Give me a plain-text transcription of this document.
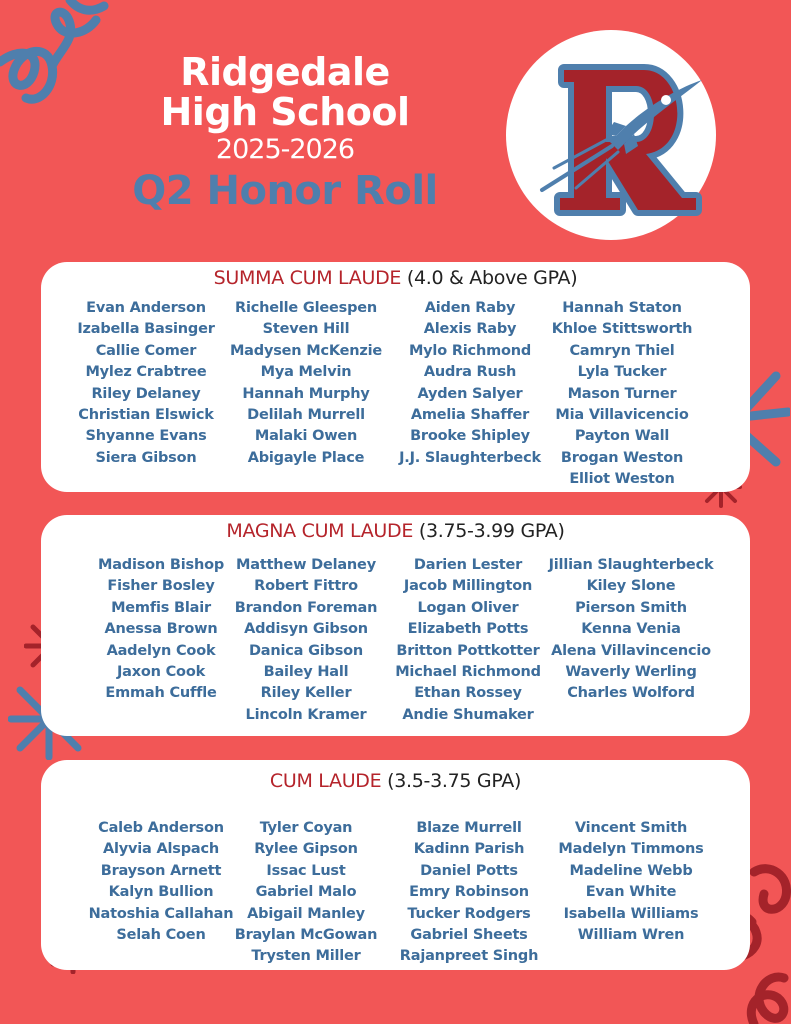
Ridgedale
High School
2025-2026
Q2 Honor Roll
SUMMA CUM LAUDE (4.0 & Above GPA)
Evan Anderson
Izabella Basinger
Callie Comer
Mylez Crabtree
Riley Delaney
Christian Elswick
Shyanne Evans
Siera Gibson
Richelle Gleespen
Steven Hill
Madysen McKenzie
Mya Melvin
Hannah Murphy
Delilah Murrell
Malaki Owen
Abigayle Place
Aiden Raby
Alexis Raby
Mylo Richmond
Audra Rush
Ayden Salyer
Amelia Shaffer
Brooke Shipley
J.J. Slaughterbeck
Hannah Staton
Khloe Stittsworth
Camryn Thiel
Lyla Tucker
Mason Turner
Mia Villavicencio
Payton Wall
Brogan Weston
Elliot Weston
MAGNA CUM LAUDE (3.75-3.99 GPA)
Madison Bishop
Fisher Bosley
Memfis Blair
Anessa Brown
Aadelyn Cook
Jaxon Cook
Emmah Cuffle
Matthew Delaney
Robert Fittro
Brandon Foreman
Addisyn Gibson
Danica Gibson
Bailey Hall
Riley Keller
Lincoln Kramer
Darien Lester
Jacob Millington
Logan Oliver
Elizabeth Potts
Britton Pottkotter
Michael Richmond
Ethan Rossey
Andie Shumaker
Jillian Slaughterbeck
Kiley Slone
Pierson Smith
Kenna Venia
Alena Villavincencio
Waverly Werling
Charles Wolford
CUM LAUDE (3.5-3.75 GPA)
Caleb Anderson
Alyvia Alspach
Brayson Arnett
Kalyn Bullion
Natoshia Callahan
Selah Coen
Tyler Coyan
Rylee Gipson
Issac Lust
Gabriel Malo
Abigail Manley
Braylan McGowan
Trysten Miller
Blaze Murrell
Kadinn Parish
Daniel Potts
Emry Robinson
Tucker Rodgers
Gabriel Sheets
Rajanpreet Singh
Vincent Smith
Madelyn Timmons
Madeline Webb
Evan White
Isabella Williams
William Wren
